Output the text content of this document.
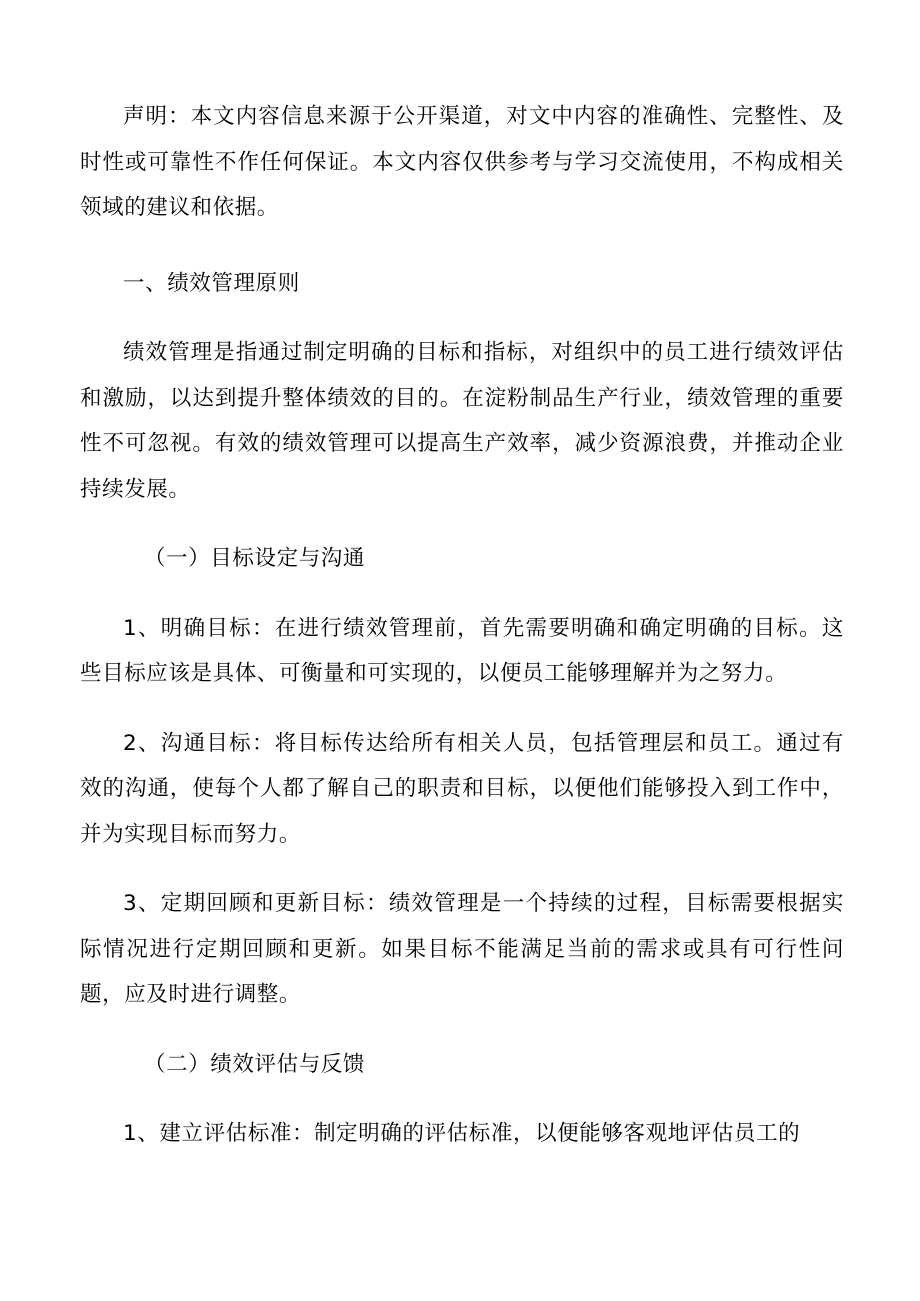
声明：本文内容信息来源于公开渠道，对文中内容的准确性、完整性、及时性或可靠性不作任何保证。本文内容仅供参考与学习交流使用，不构成相关领域的建议和依据。

一、绩效管理原则

绩效管理是指通过制定明确的目标和指标，对组织中的员工进行绩效评估和激励，以达到提升整体绩效的目的。在淀粉制品生产行业，绩效管理的重要性不可忽视。有效的绩效管理可以提高生产效率，减少资源浪费，并推动企业持续发展。

（一）目标设定与沟通

1、明确目标：在进行绩效管理前，首先需要明确和确定明确的目标。这些目标应该是具体、可衡量和可实现的，以便员工能够理解并为之努力。

2、沟通目标：将目标传达给所有相关人员，包括管理层和员工。通过有效的沟通，使每个人都了解自己的职责和目标，以便他们能够投入到工作中，并为实现目标而努力。

3、定期回顾和更新目标：绩效管理是一个持续的过程，目标需要根据实际情况进行定期回顾和更新。如果目标不能满足当前的需求或具有可行性问题，应及时进行调整。

（二）绩效评估与反馈

1、建立评估标准：制定明确的评估标准，以便能够客观地评估员工的
